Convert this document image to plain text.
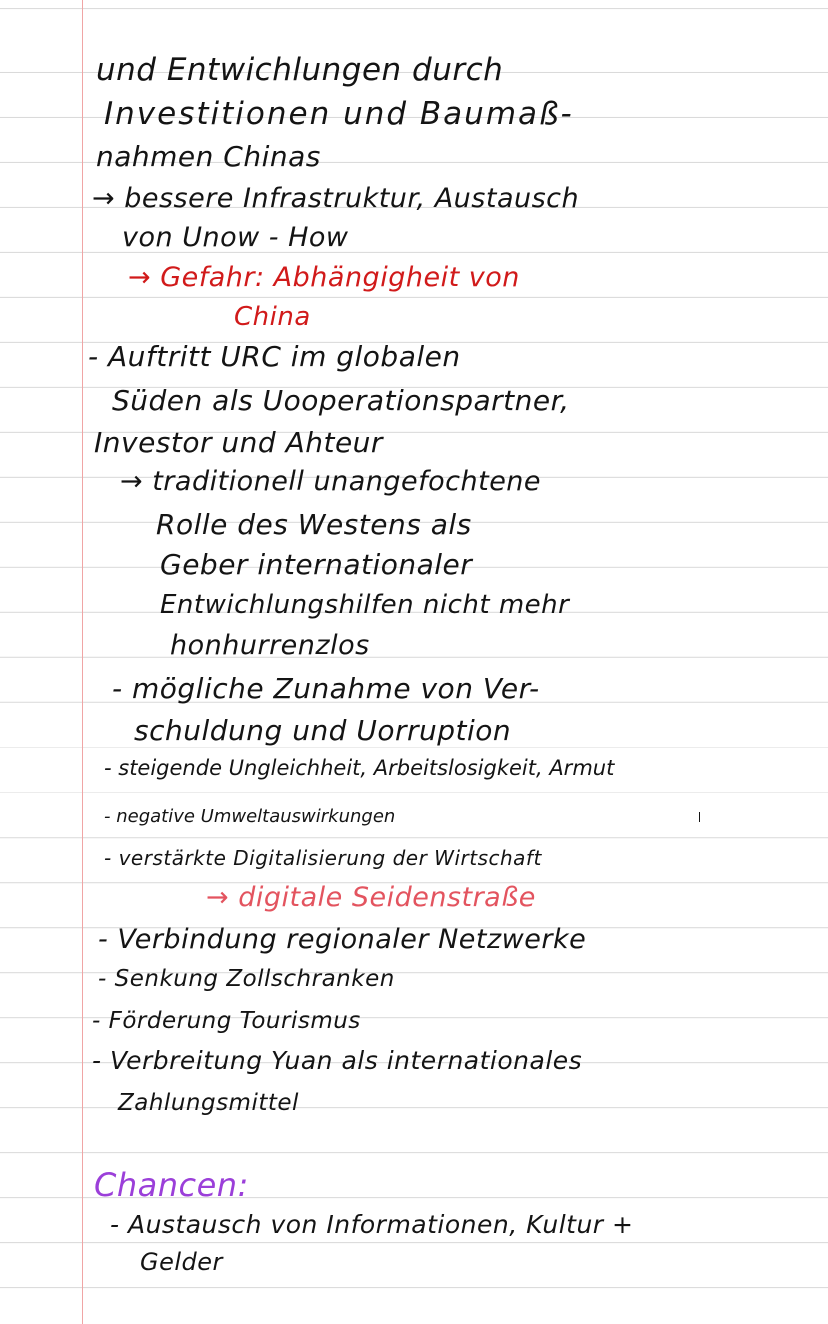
und Entwichlungen durch
Investitionen und Baumaß-
nahmen Chinas
→ bessere Infrastruktur, Austausch
von Unow - How
→ Gefahr: Abhängigheit von
China
- Auftritt URC im globalen
Süden als Uooperationspartner,
Investor und Ahteur
→ traditionell unangefochtene
Rolle des Westens als
Geber internationaler
Entwichlungshilfen nicht mehr
honhurrenzlos
- mögliche Zunahme von Ver-
schuldung und Uorruption
- steigende Ungleichheit, Arbeitslosigkeit, Armut
- negative Umweltauswirkungen
- verstärkte Digitalisierung der Wirtschaft
→ digitale Seidenstraße
- Verbindung regionaler Netzwerke
- Senkung Zollschranken
- Förderung Tourismus
- Verbreitung Yuan als internationales
Zahlungsmittel
Chancen:
- Austausch von Informationen, Kultur +
Gelder
